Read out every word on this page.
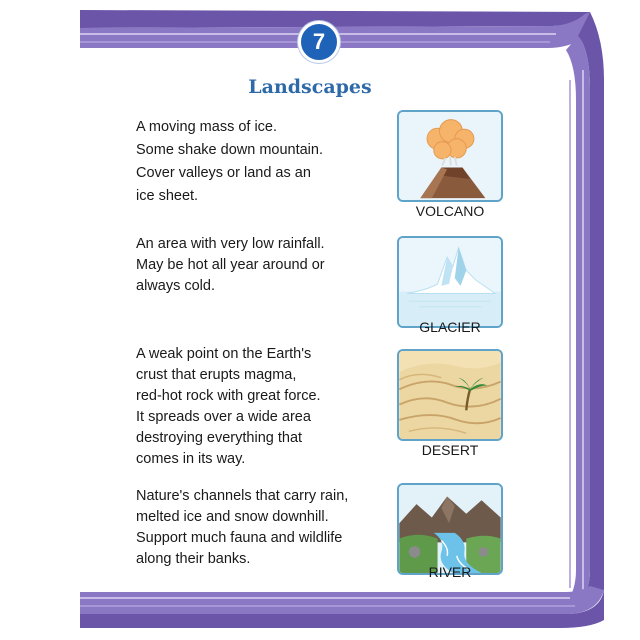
7
Landscapes
A moving mass of ice.
Some shake down mountain.
Cover valleys or land as an
ice sheet.
An area with very low rainfall.
May be hot all year around or
always cold.
A weak point on the Earth's
crust that erupts magma,
red-hot rock with great force.
It spreads over a wide area
destroying everything that
comes in its way.
Nature's channels that carry rain,
melted ice and snow downhill.
Support much fauna and wildlife
along their banks.
VOLCANO
GLACIER
DESERT
RIVER
